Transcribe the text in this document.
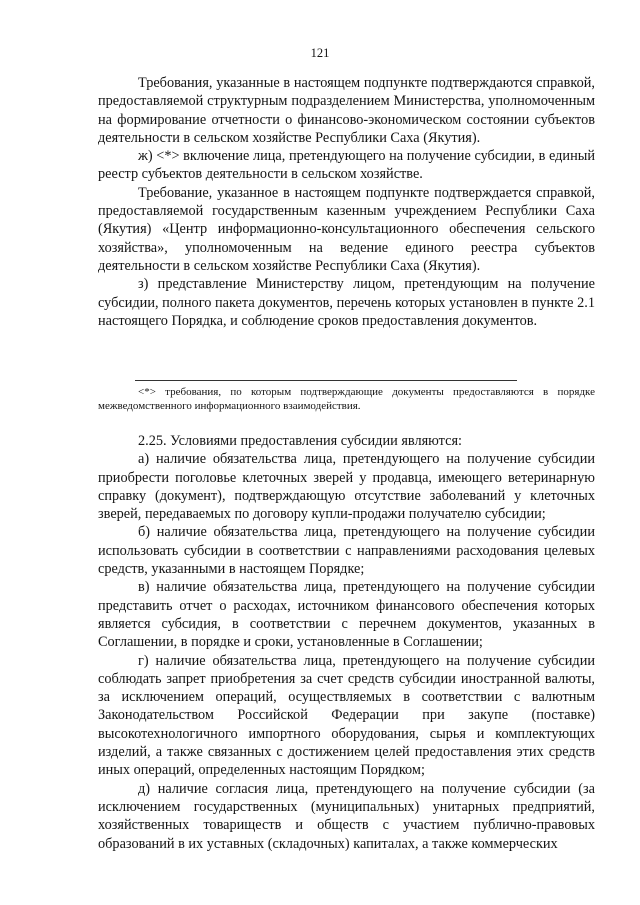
121

Требования, указанные в настоящем подпункте подтверждаются справкой, предоставляемой структурным подразделением Министерства, уполномоченным на формирование отчетности о финансово-экономическом состоянии субъектов деятельности в сельском хозяйстве Республики Саха (Якутия).

ж) <*> включение лица, претендующего на получение субсидии, в единый реестр субъектов деятельности в сельском хозяйстве.

Требование, указанное в настоящем подпункте подтверждается справкой, предоставляемой государственным казенным учреждением Республики Саха (Якутия) «Центр информационно-консультационного обеспечения сельского хозяйства», уполномоченным на ведение единого реестра субъектов деятельности в сельском хозяйстве Республики Саха (Якутия).

з) представление Министерству лицом, претендующим на получение субсидии, полного пакета документов, перечень которых установлен в пункте 2.1 настоящего Порядка, и соблюдение сроков предоставления документов.

<*> требования, по которым подтверждающие документы предоставляются в порядке межведомственного информационного взаимодействия.

2.25. Условиями предоставления субсидии являются:

а) наличие обязательства лица, претендующего на получение субсидии приобрести поголовье клеточных зверей у продавца, имеющего ветеринарную справку (документ), подтверждающую отсутствие заболеваний у клеточных зверей, передаваемых по договору купли-продажи получателю субсидии;

б) наличие обязательства лица, претендующего на получение субсидии использовать субсидии в соответствии с направлениями расходования целевых средств, указанными в настоящем Порядке;

в) наличие обязательства лица, претендующего на получение субсидии представить отчет о расходах, источником финансового обеспечения которых является субсидия, в соответствии с перечнем документов, указанных в Соглашении, в порядке и сроки, установленные в Соглашении;

г) наличие обязательства лица, претендующего на получение субсидии соблюдать запрет приобретения за счет средств субсидии иностранной валюты, за исключением операций, осуществляемых в соответствии с валютным Законодательством Российской Федерации при закупе (поставке) высокотехнологичного импортного оборудования, сырья и комплектующих изделий, а также связанных с достижением целей предоставления этих средств иных операций, определенных настоящим Порядком;

д) наличие согласия лица, претендующего на получение субсидии (за исключением государственных (муниципальных) унитарных предприятий, хозяйственных товариществ и обществ с участием публично-правовых образований в их уставных (складочных) капиталах, а также коммерческих
